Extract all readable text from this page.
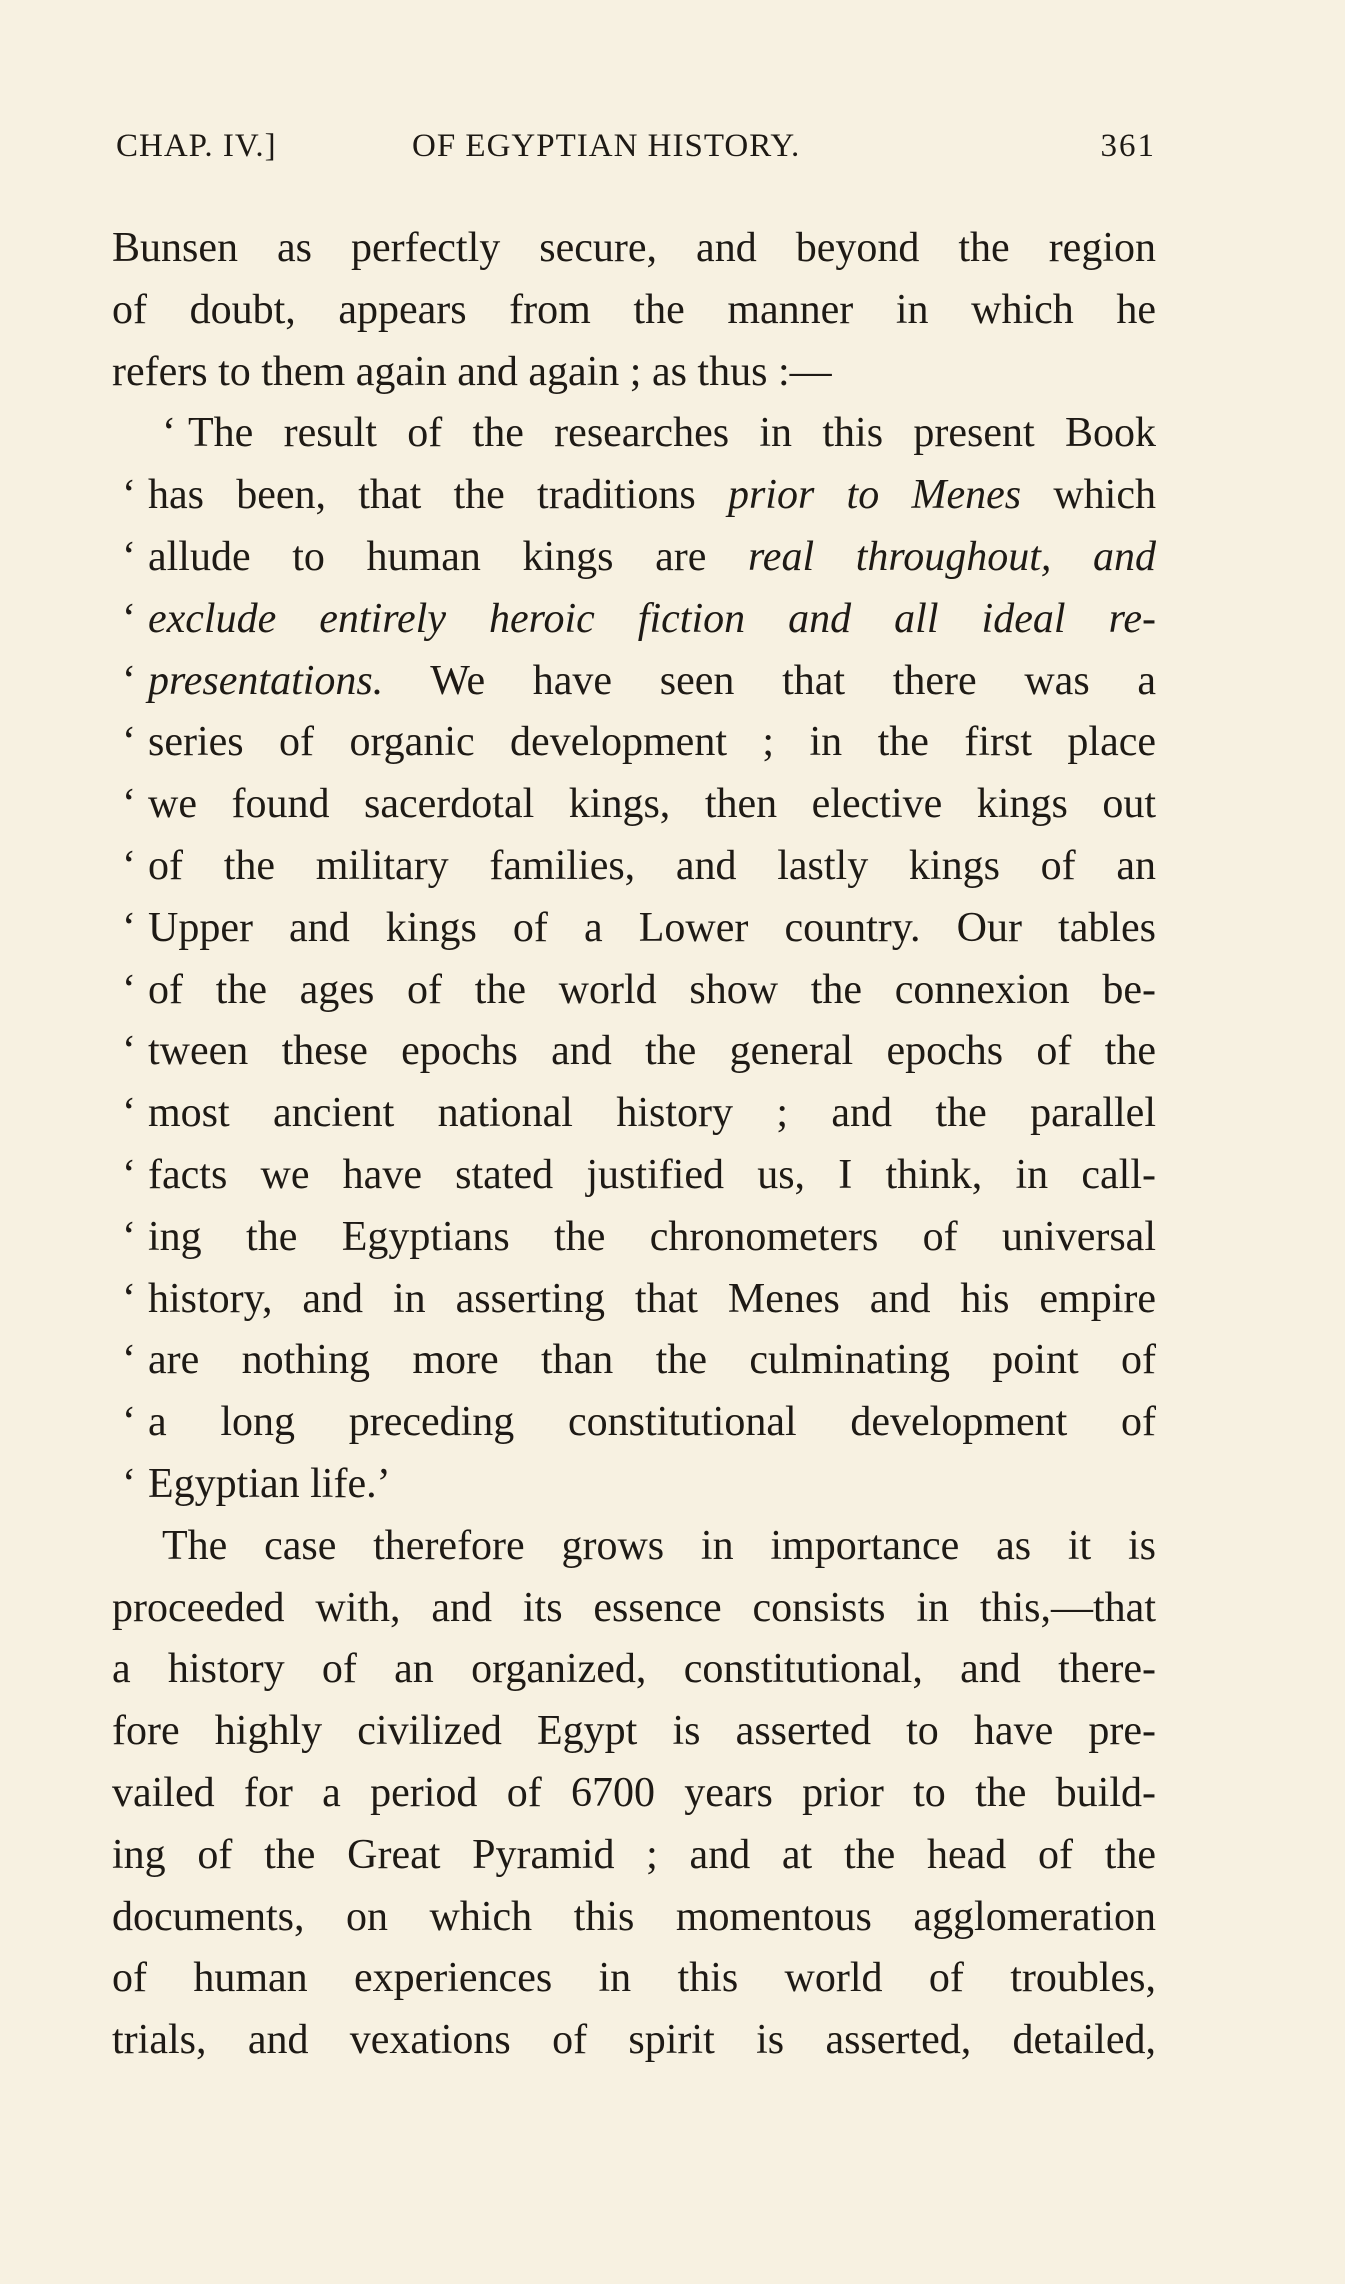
CHAP. IV.]	OF EGYPTIAN HISTORY.	361
Bunsen as perfectly secure, and beyond the region
of doubt, appears from the manner in which he
refers to them again and again ; as thus :—
‘ The result of the researches in this present Book
‘ has been, that the traditions prior to Menes which
‘ allude to human kings are real throughout, and
‘ exclude entirely heroic fiction and all ideal re-
‘ presentations. We have seen that there was a
‘ series of organic development ; in the first place
‘ we found sacerdotal kings, then elective kings out
‘ of the military families, and lastly kings of an
‘ Upper and kings of a Lower country. Our tables
‘ of the ages of the world show the connexion be-
‘ tween these epochs and the general epochs of the
‘ most ancient national history ; and the parallel
‘ facts we have stated justified us, I think, in call-
‘ ing the Egyptians the chronometers of universal
‘ history, and in asserting that Menes and his empire
‘ are nothing more than the culminating point of
‘ a long preceding constitutional development of
‘ Egyptian life.’
The case therefore grows in importance as it is
proceeded with, and its essence consists in this,—that
a history of an organized, constitutional, and there-
fore highly civilized Egypt is asserted to have pre-
vailed for a period of 6700 years prior to the build-
ing of the Great Pyramid ; and at the head of the
documents, on which this momentous agglomeration
of human experiences in this world of troubles,
trials, and vexations of spirit is asserted, detailed,
